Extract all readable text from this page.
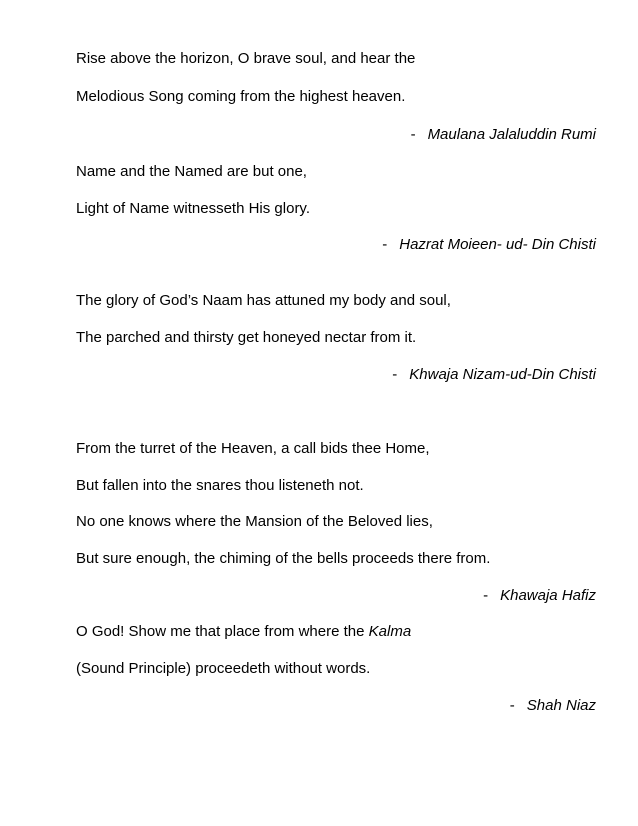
Rise above the horizon, O brave soul, and hear the
Melodious Song coming from the highest heaven.
- Maulana Jalaluddin Rumi
Name and the Named are but one,
Light of Name witnesseth His glory.
- Hazrat Moieen- ud- Din Chisti
The glory of God’s Naam has attuned my body and soul,
The parched and thirsty get honeyed nectar from it.
- Khwaja Nizam-ud-Din Chisti
From the turret of the Heaven, a call bids thee Home,
But fallen into the snares thou listeneth not.
No one knows where the Mansion of the Beloved lies,
But sure enough, the chiming of the bells proceeds there from.
- Khawaja Hafiz
O God! Show me that place from where the Kalma
(Sound Principle) proceedeth without words.
- Shah Niaz
